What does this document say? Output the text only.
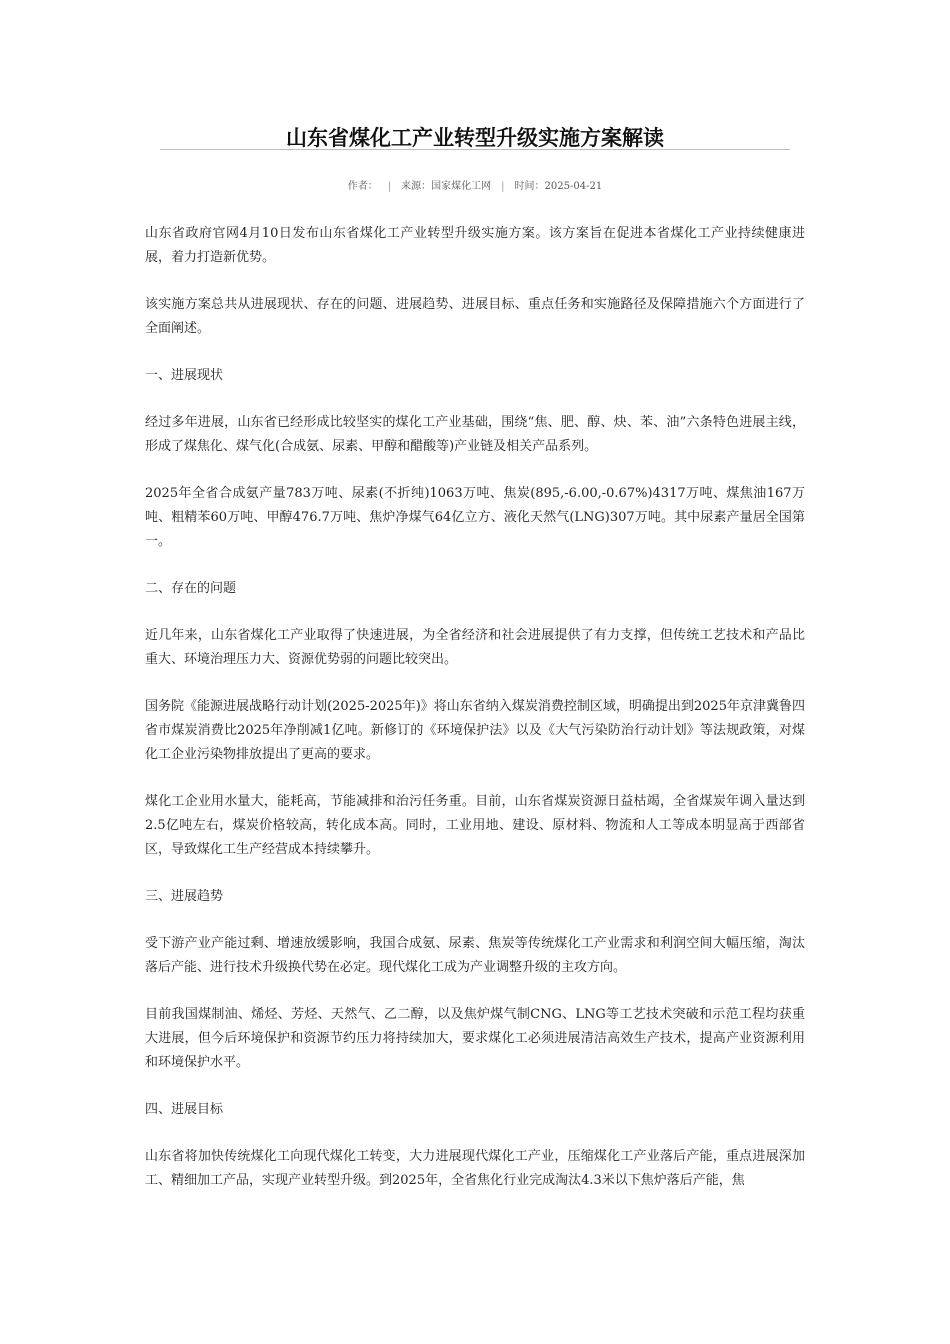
山东省煤化工产业转型升级实施方案解读
作者： | 来源：国家煤化工网 | 时间：2025-04-21

山东省政府官网4月10日发布山东省煤化工产业转型升级实施方案。该方案旨在促进本省煤化工产业持续健康进展，着力打造新优势。

该实施方案总共从进展现状、存在的问题、进展趋势、进展目标、重点任务和实施路径及保障措施六个方面进行了全面阐述。

一、进展现状

经过多年进展，山东省已经形成比较坚实的煤化工产业基础，围绕“焦、肥、醇、炔、苯、油”六条特色进展主线，形成了煤焦化、煤气化(合成氨、尿素、甲醇和醋酸等)产业链及相关产品系列。

2025年全省合成氨产量783万吨、尿素(不折纯)1063万吨、焦炭(895,-6.00,-0.67%)4317万吨、煤焦油167万吨、粗精苯60万吨、甲醇476.7万吨、焦炉净煤气64亿立方、液化天然气(LNG)307万吨。其中尿素产量居全国第一。

二、存在的问题

近几年来，山东省煤化工产业取得了快速进展，为全省经济和社会进展提供了有力支撑，但传统工艺技术和产品比重大、环境治理压力大、资源优势弱的问题比较突出。

国务院《能源进展战略行动计划(2025-2025年)》将山东省纳入煤炭消费控制区域，明确提出到2025年京津冀鲁四省市煤炭消费比2025年净削减1亿吨。新修订的《环境保护法》以及《大气污染防治行动计划》等法规政策，对煤化工企业污染物排放提出了更高的要求。

煤化工企业用水量大，能耗高，节能减排和治污任务重。目前，山东省煤炭资源日益枯竭，全省煤炭年调入量达到2.5亿吨左右，煤炭价格较高，转化成本高。同时，工业用地、建设、原材料、物流和人工等成本明显高于西部省区，导致煤化工生产经营成本持续攀升。

三、进展趋势

受下游产业产能过剩、增速放缓影响，我国合成氨、尿素、焦炭等传统煤化工产业需求和利润空间大幅压缩，淘汰落后产能、进行技术升级换代势在必定。现代煤化工成为产业调整升级的主攻方向。

目前我国煤制油、烯烃、芳烃、天然气、乙二醇，以及焦炉煤气制CNG、LNG等工艺技术突破和示范工程均获重大进展，但今后环境保护和资源节约压力将持续加大，要求煤化工必须进展清洁高效生产技术，提高产业资源利用和环境保护水平。

四、进展目标

山东省将加快传统煤化工向现代煤化工转变，大力进展现代煤化工产业，压缩煤化工产业落后产能，重点进展深加工、精细加工产品，实现产业转型升级。到2025年，全省焦化行业完成淘汰4.3米以下焦炉落后产能，焦
